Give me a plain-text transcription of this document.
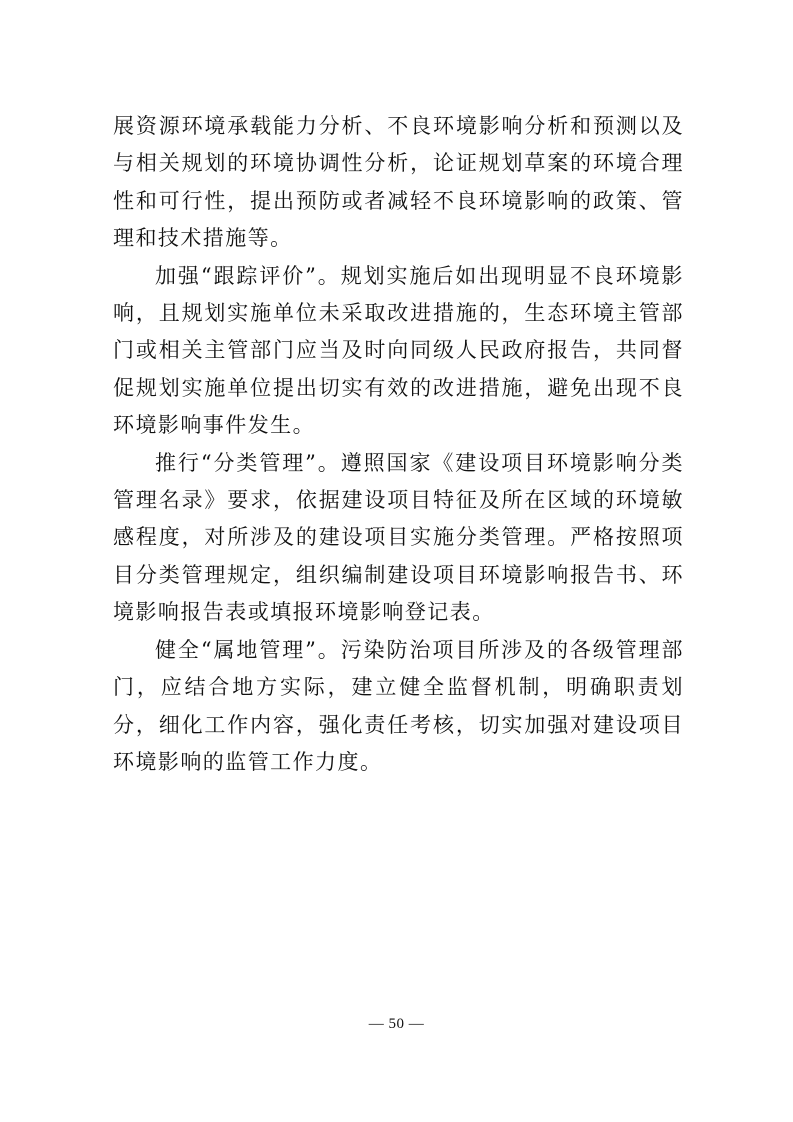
展资源环境承载能力分析、不良环境影响分析和预测以及与相关规划的环境协调性分析，论证规划草案的环境合理性和可行性，提出预防或者减轻不良环境影响的政策、管理和技术措施等。

加强“跟踪评价”。规划实施后如出现明显不良环境影响，且规划实施单位未采取改进措施的，生态环境主管部门或相关主管部门应当及时向同级人民政府报告，共同督促规划实施单位提出切实有效的改进措施，避免出现不良环境影响事件发生。

推行“分类管理”。遵照国家《建设项目环境影响分类管理名录》要求，依据建设项目特征及所在区域的环境敏感程度，对所涉及的建设项目实施分类管理。严格按照项目分类管理规定，组织编制建设项目环境影响报告书、环境影响报告表或填报环境影响登记表。

健全“属地管理”。污染防治项目所涉及的各级管理部门，应结合地方实际，建立健全监督机制，明确职责划分，细化工作内容，强化责任考核，切实加强对建设项目环境影响的监管工作力度。

— 50 —
